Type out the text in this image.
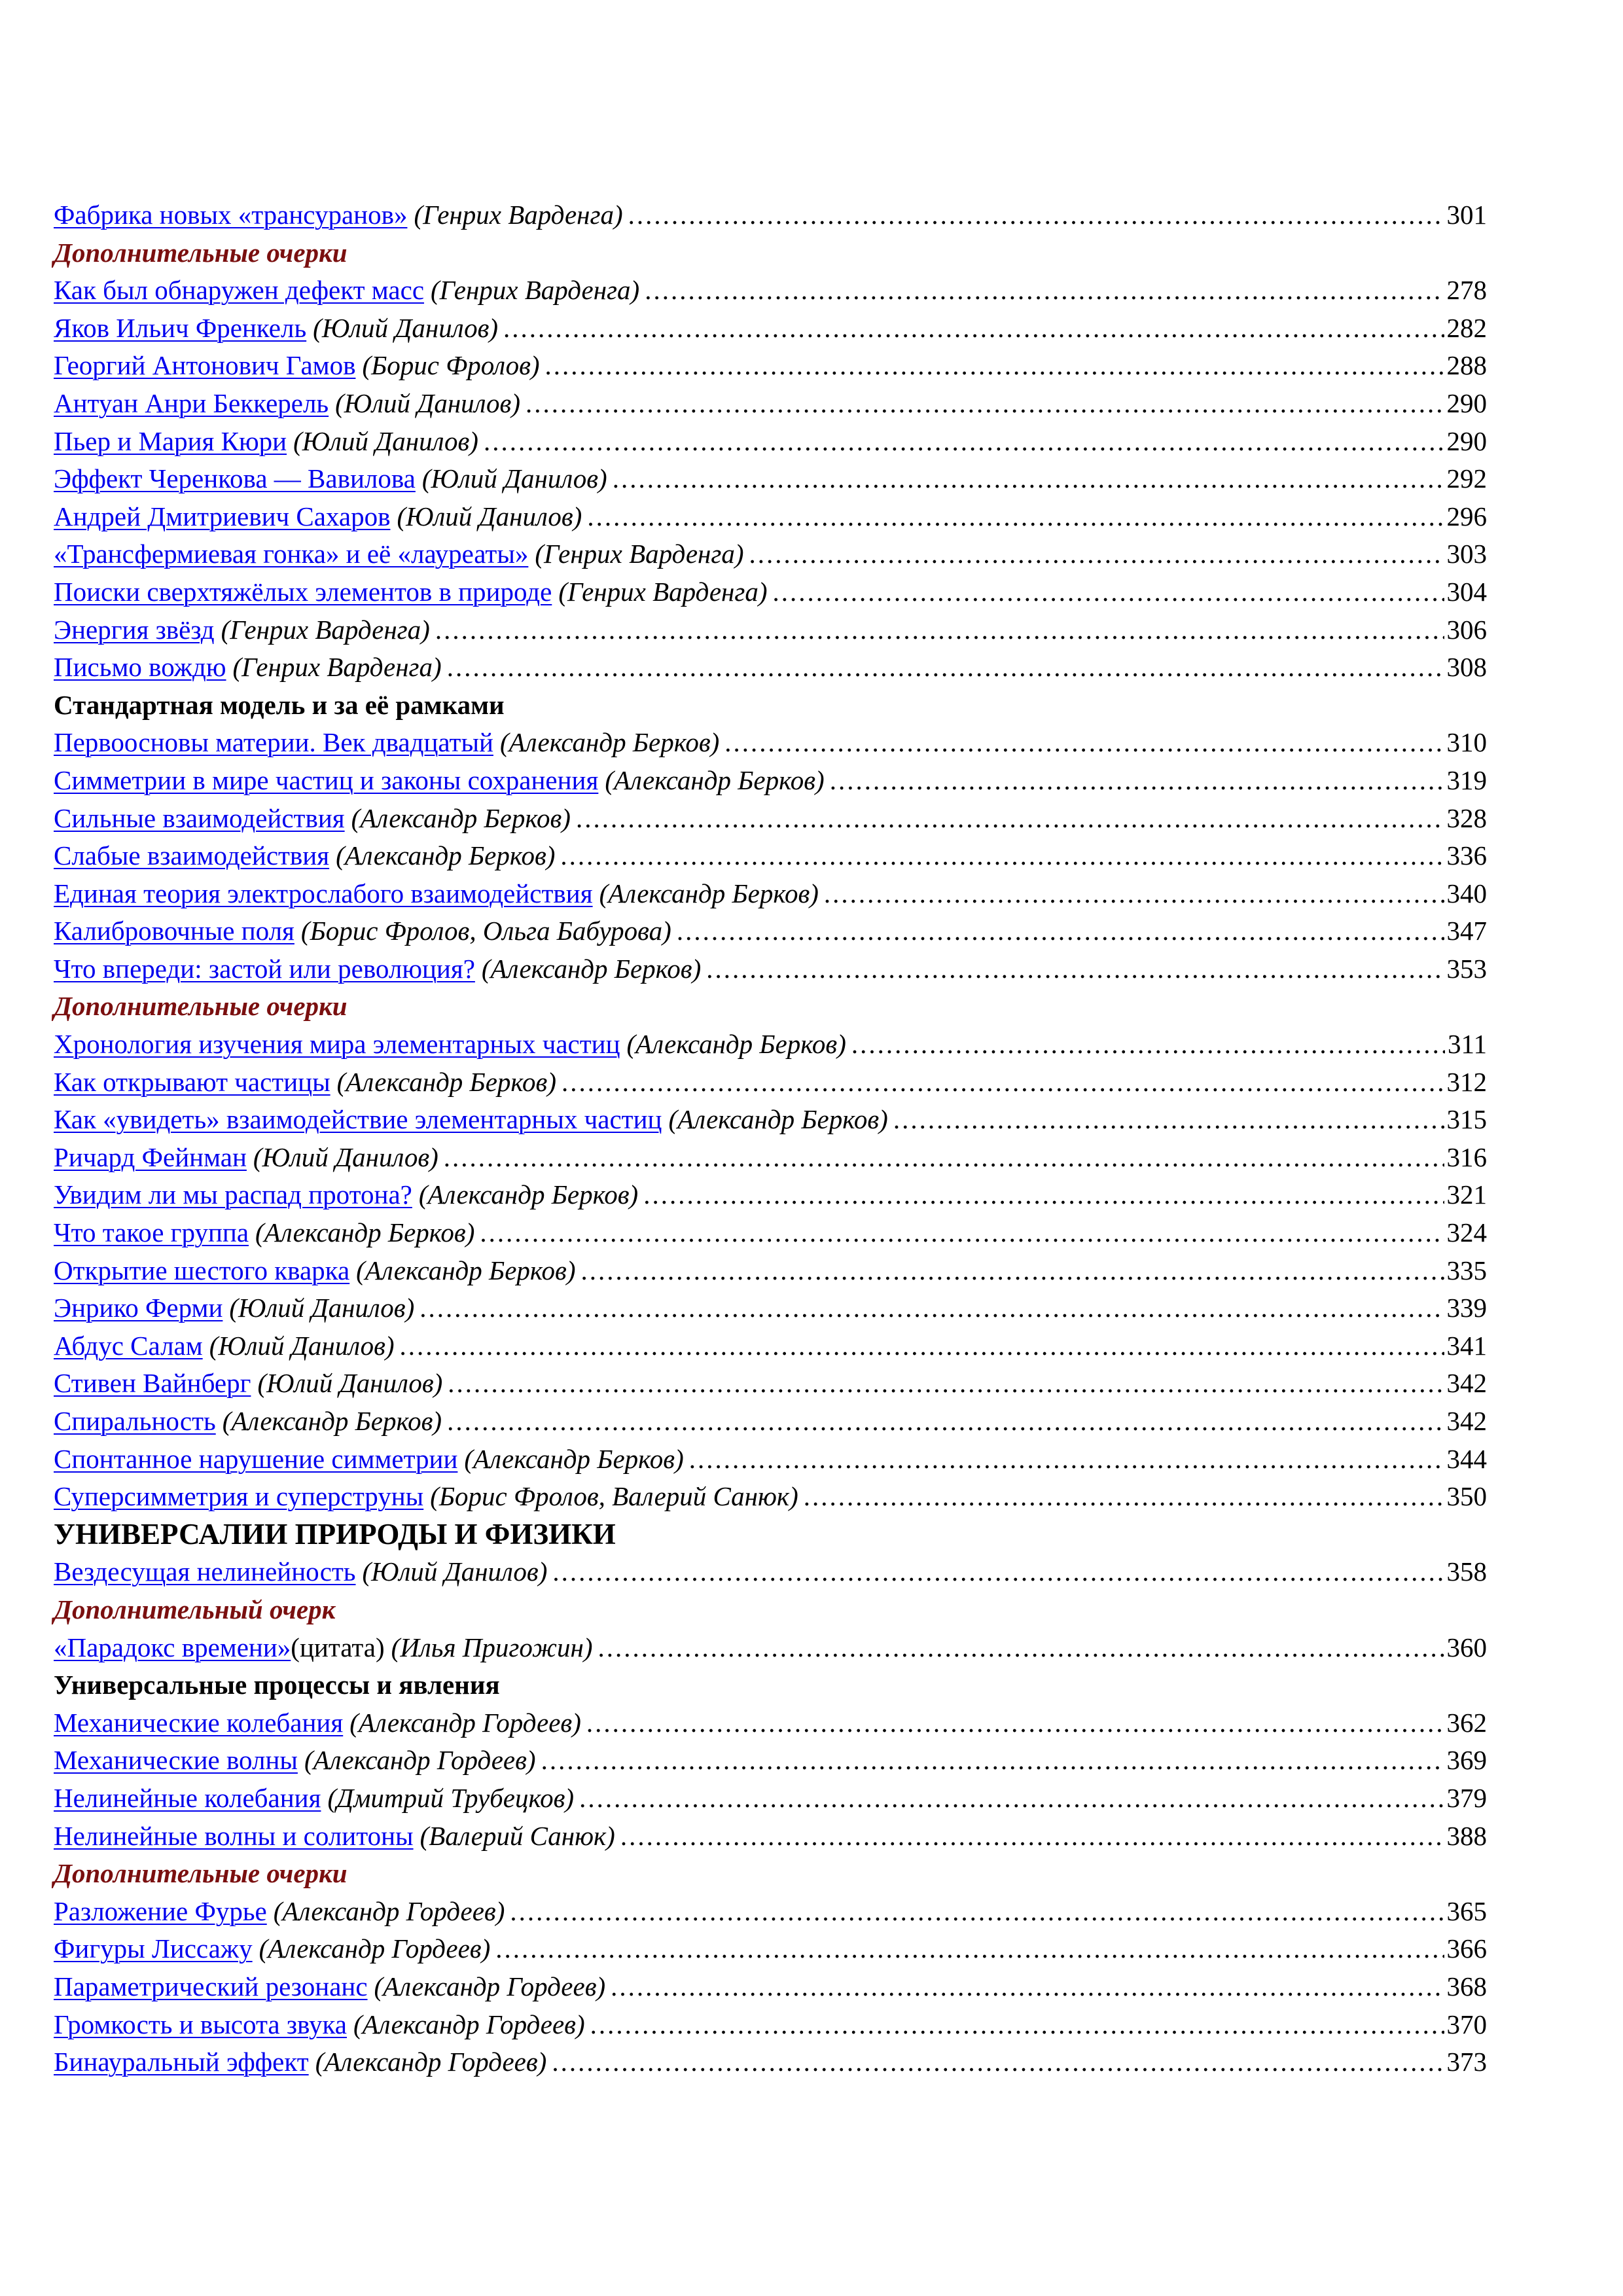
Фабрика новых «трансуранов» (Генрих Варденга) .....	301
Дополнительные очерки
Как был обнаружен дефект масс (Генрих Варденга) .....	278
Яков Ильич Френкель (Юлий Данилов) .....	282
Георгий Антонович Гамов (Борис Фролов) .....	288
Антуан Анри Беккерель (Юлий Данилов) .....	290
Пьер и Мария Кюри (Юлий Данилов) .....	290
Эффект Черенкова — Вавилова (Юлий Данилов) .....	292
Андрей Дмитриевич Сахаров (Юлий Данилов) .....	296
«Трансфермиевая гонка» и её «лауреаты» (Генрих Варденга) .....	303
Поиски сверхтяжёлых элементов в природе (Генрих Варденга) .....	304
Энергия звёзд (Генрих Варденга) .....	306
Письмо вождю (Генрих Варденга) .....	308
Стандартная модель и за её рамками
Первоосновы материи. Век двадцатый (Александр Берков) .....	310
Симметрии в мире частиц и законы сохранения (Александр Берков) .....	319
Сильные взаимодействия (Александр Берков) .....	328
Слабые взаимодействия (Александр Берков) .....	336
Единая теория электрослабого взаимодействия (Александр Берков) .....	340
Калибровочные поля (Борис Фролов, Ольга Бабурова) .....	347
Что впереди: застой или революция? (Александр Берков) .....	353
Дополнительные очерки
Хронология изучения мира элементарных частиц (Александр Берков) .....	311
Как открывают частицы (Александр Берков) .....	312
Как «увидеть» взаимодействие элементарных частиц (Александр Берков) .....	315
Ричард Фейнман (Юлий Данилов) .....	316
Увидим ли мы распад протона? (Александр Берков) .....	321
Что такое группа (Александр Берков) .....	324
Открытие шестого кварка (Александр Берков) .....	335
Энрико Ферми (Юлий Данилов) .....	339
Абдус Салам (Юлий Данилов) .....	341
Стивен Вайнберг (Юлий Данилов) .....	342
Спиральность (Александр Берков) .....	342
Спонтанное нарушение симметрии (Александр Берков) .....	344
Суперсимметрия и суперструны (Борис Фролов, Валерий Санюк) .....	350
УНИВЕРСАЛИИ ПРИРОДЫ И ФИЗИКИ
Вездесущая нелинейность (Юлий Данилов) .....	358
Дополнительный очерк
«Парадокс времени» (цитата) (Илья Пригожин) .....	360
Универсальные процессы и явления
Механические колебания (Александр Гордеев) .....	362
Механические волны (Александр Гордеев) .....	369
Нелинейные колебания (Дмитрий Трубецков) .....	379
Нелинейные волны и солитоны (Валерий Санюк) .....	388
Дополнительные очерки
Разложение Фурье (Александр Гордеев) .....	365
Фигуры Лиссажу (Александр Гордеев) .....	366
Параметрический резонанс (Александр Гордеев) .....	368
Громкость и высота звука (Александр Гордеев) .....	370
Бинауральный эффект (Александр Гордеев) .....	373
